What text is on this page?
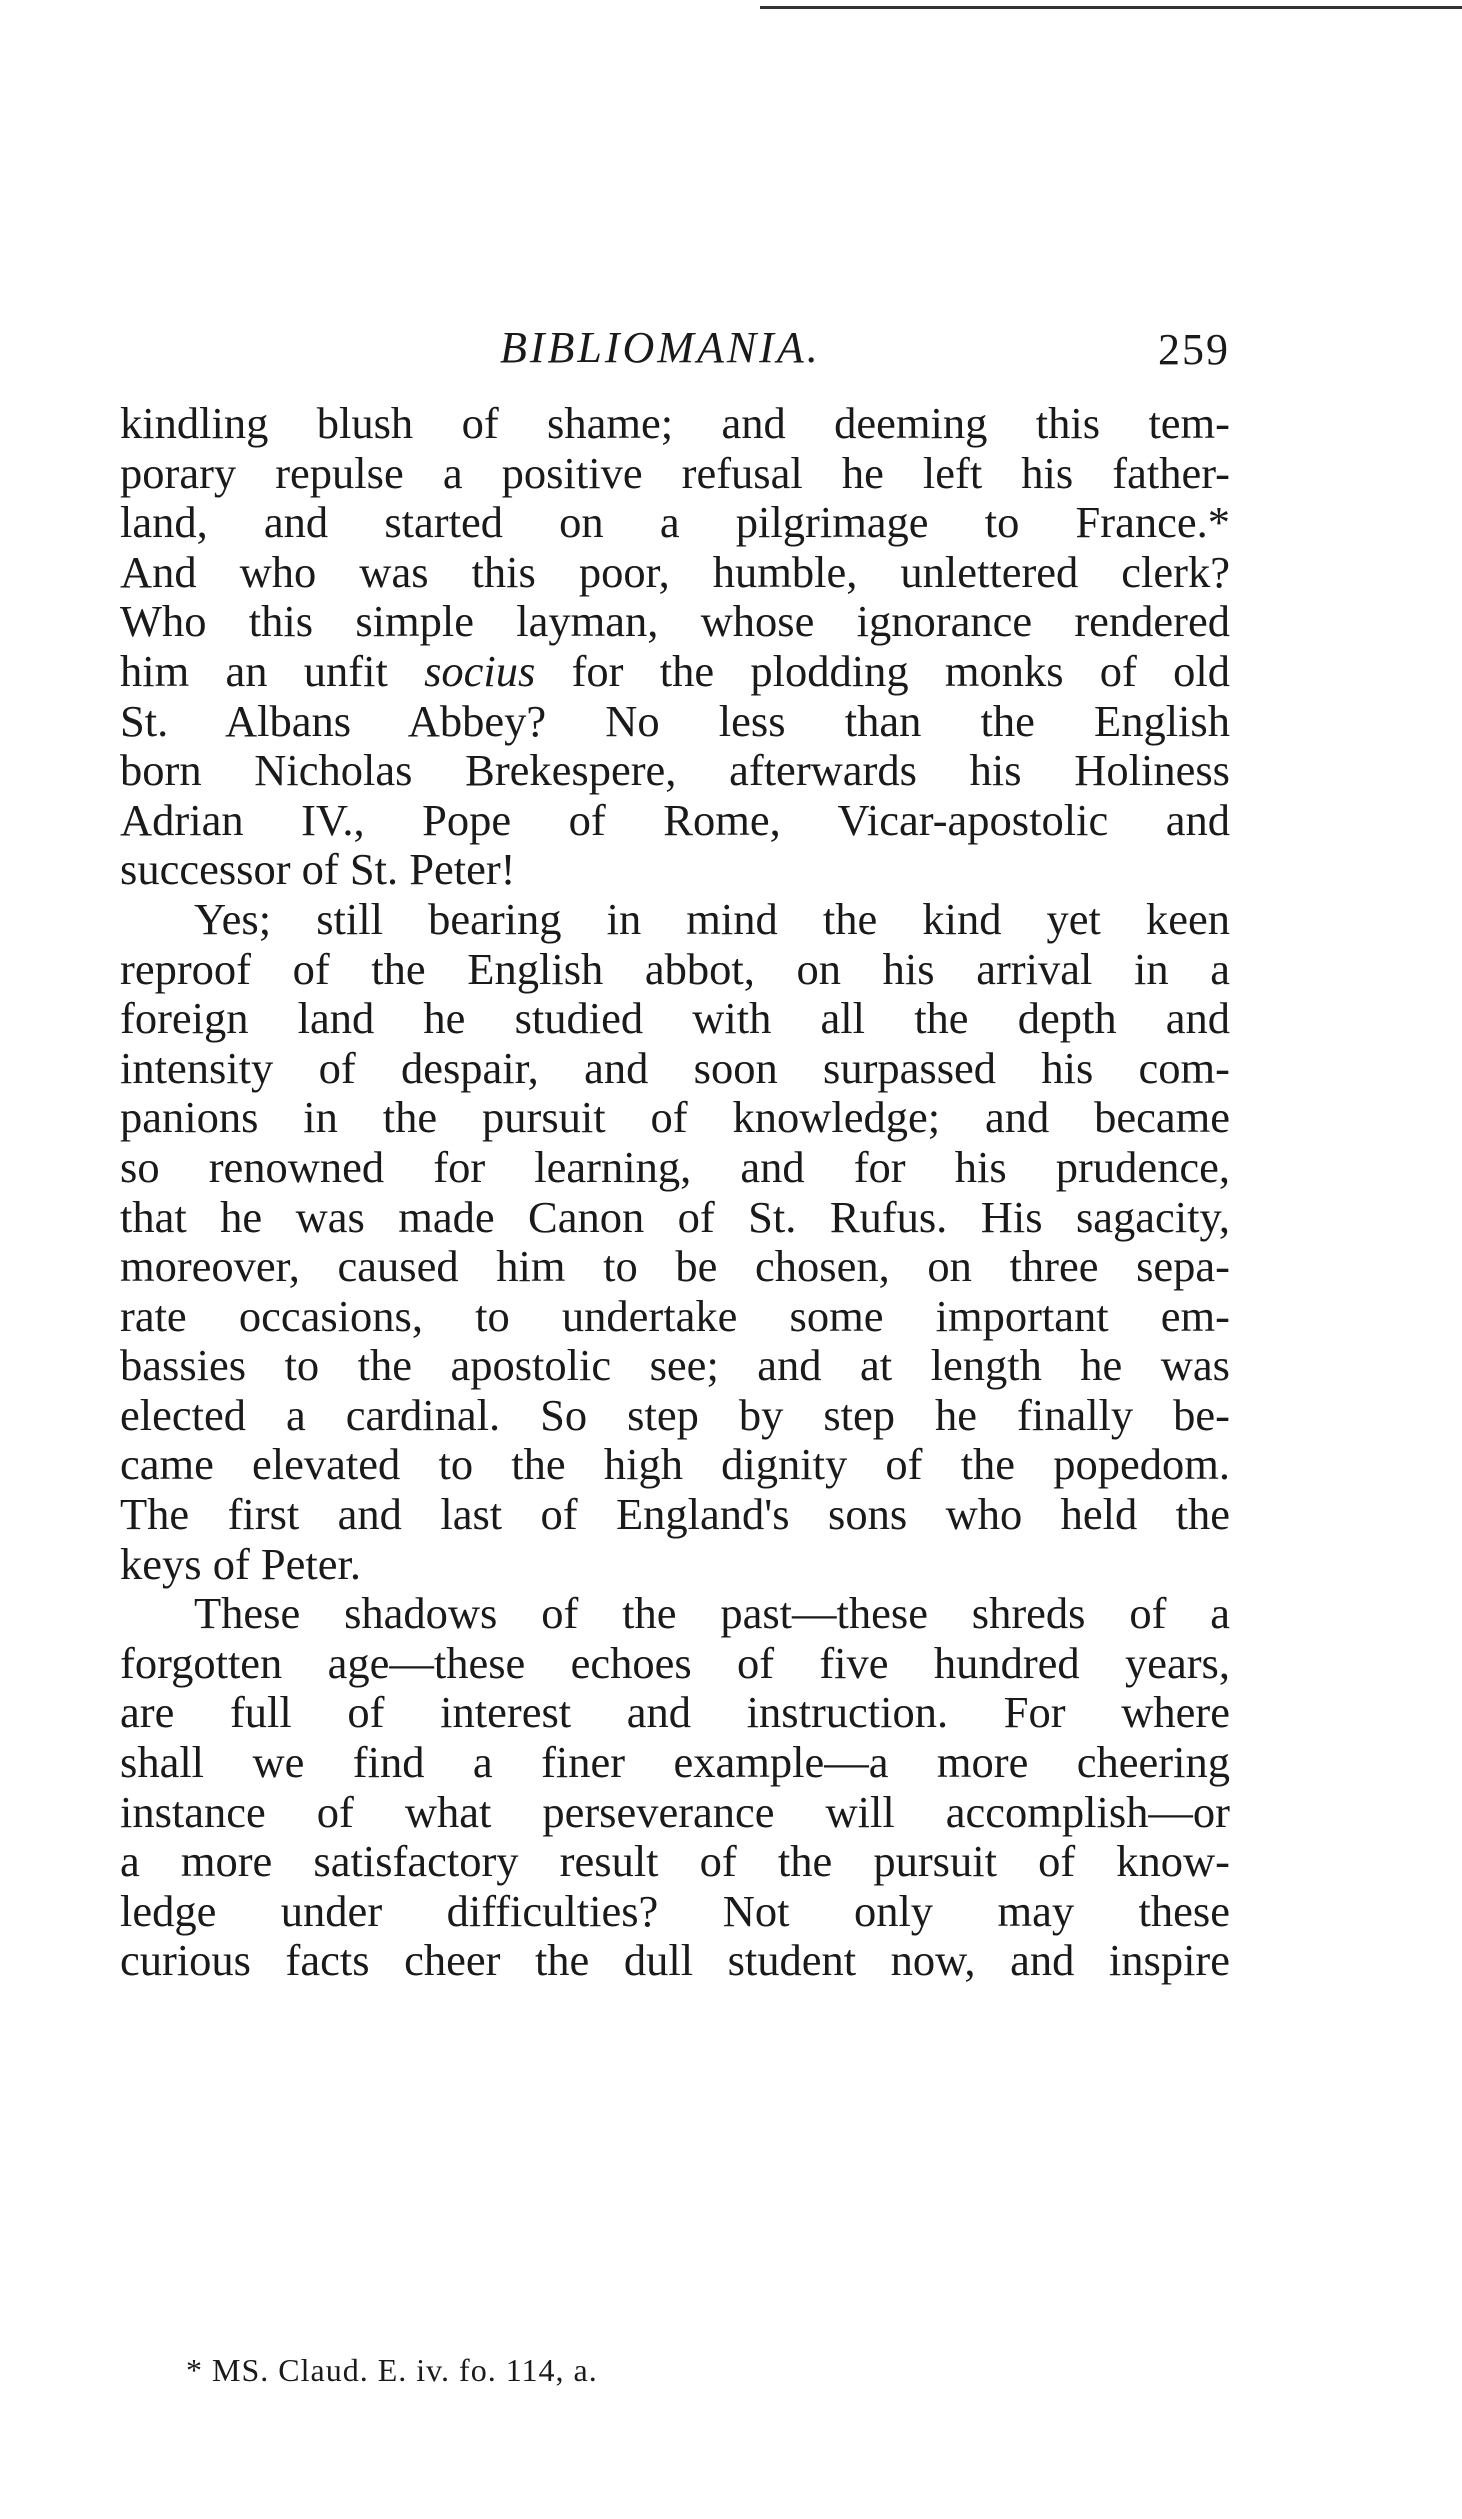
BIBLIOMANIA.	259
kindling blush of shame; and deeming this tem-
porary repulse a positive refusal he left his father-
land, and started on a pilgrimage to France.*
And who was this poor, humble, unlettered clerk?
Who this simple layman, whose ignorance rendered
him an unfit socius for the plodding monks of old
St. Albans Abbey? No less than the English
born Nicholas Brekespere, afterwards his Holiness
Adrian IV., Pope of Rome, Vicar-apostolic and
successor of St. Peter!
Yes; still bearing in mind the kind yet keen
reproof of the English abbot, on his arrival in a
foreign land he studied with all the depth and
intensity of despair, and soon surpassed his com-
panions in the pursuit of knowledge; and became
so renowned for learning, and for his prudence,
that he was made Canon of St. Rufus. His sagacity,
moreover, caused him to be chosen, on three sepa-
rate occasions, to undertake some important em-
bassies to the apostolic see; and at length he was
elected a cardinal. So step by step he finally be-
came elevated to the high dignity of the popedom.
The first and last of England's sons who held the
keys of Peter.
These shadows of the past—these shreds of a
forgotten age—these echoes of five hundred years,
are full of interest and instruction. For where
shall we find a finer example—a more cheering
instance of what perseverance will accomplish—or
a more satisfactory result of the pursuit of know-
ledge under difficulties? Not only may these
curious facts cheer the dull student now, and inspire
* MS. Claud. E. iv. fo. 114, a.
